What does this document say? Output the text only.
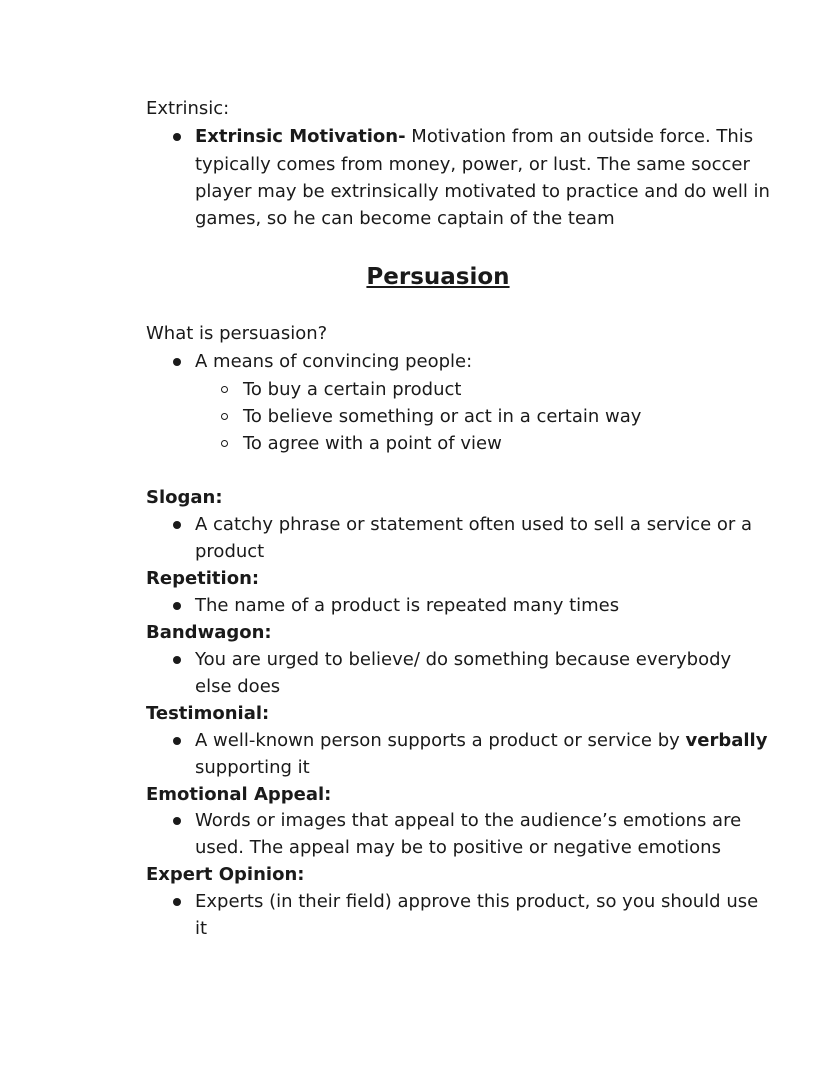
Extrinsic:
Extrinsic Motivation- Motivation from an outside force. This
typically comes from money, power, or lust. The same soccer
player may be extrinsically motivated to practice and do well in
games, so he can become captain of the team
Persuasion
What is persuasion?
A means of convincing people:
To buy a certain product
To believe something or act in a certain way
To agree with a point of view
Slogan:
A catchy phrase or statement often used to sell a service or a
product
Repetition:
The name of a product is repeated many times
Bandwagon:
You are urged to believe/ do something because everybody
else does
Testimonial:
A well-known person supports a product or service by verbally
supporting it
Emotional Appeal:
Words or images that appeal to the audience’s emotions are
used. The appeal may be to positive or negative emotions
Expert Opinion:
Experts (in their field) approve this product, so you should use
it
